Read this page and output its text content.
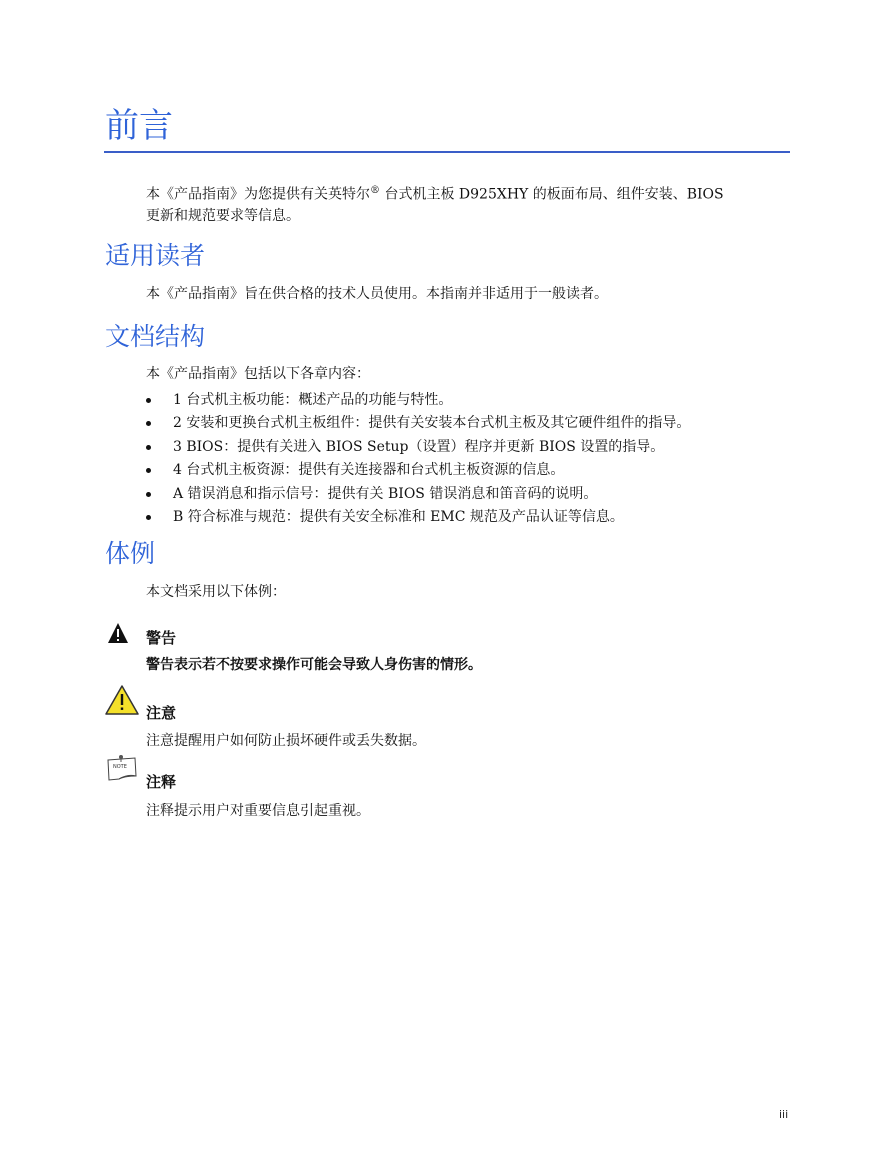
前言

本《产品指南》为您提供有关英特尔® 台式机主板 D925XHY 的板面布局、组件安装、BIOS
更新和规范要求等信息。

适用读者

本《产品指南》旨在供合格的技术人员使用。本指南并非适用于一般读者。

文档结构

本《产品指南》包括以下各章内容：

1 台式机主板功能：概述产品的功能与特性。
2 安装和更换台式机主板组件：提供有关安装本台式机主板及其它硬件组件的指导。
3 BIOS：提供有关进入 BIOS Setup（设置）程序并更新 BIOS 设置的指导。
4 台式机主板资源：提供有关连接器和台式机主板资源的信息。
A 错误消息和指示信号：提供有关 BIOS 错误消息和笛音码的说明。
B 符合标准与规范：提供有关安全标准和 EMC 规范及产品认证等信息。
体例

本文档采用以下体例：

警告

警告表示若不按要求操作可能会导致人身伤害的情形。

注意

注意提醒用户如何防止损坏硬件或丢失数据。

NOTE

注释

注释提示用户对重要信息引起重视。

iii
